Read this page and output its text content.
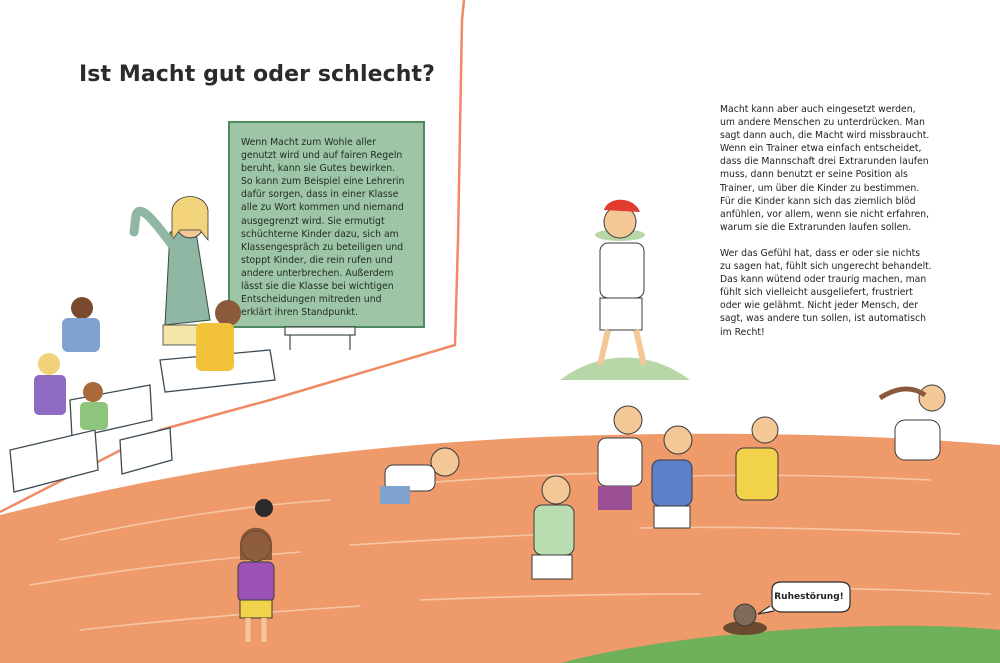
Ist Macht gut oder schlecht?

Wenn Macht zum Wohle aller genutzt wird und auf fairen Regeln beruht, kann sie Gutes bewirken. So kann zum Beispiel eine Lehrerin dafür sorgen, dass in einer Klasse alle zu Wort kommen und niemand ausgegrenzt wird. Sie ermutigt schüchterne Kinder dazu, sich am Klassengespräch zu beteiligen und stoppt Kinder, die rein rufen und andere unterbrechen. Außerdem lässt sie die Klasse bei wichtigen Entscheidungen mitreden und erklärt ihren Standpunkt.

Macht kann aber auch eingesetzt werden, um andere Menschen zu unterdrücken. Man sagt dann auch, die Macht wird missbraucht. Wenn ein Trainer etwa einfach entscheidet, dass die Mannschaft drei Extrarunden laufen muss, dann benutzt er seine Position als Trainer, um über die Kinder zu bestimmen. Für die Kinder kann sich das ziemlich blöd anfühlen, vor allem, wenn sie nicht erfahren, warum sie die Extrarunden laufen sollen.

Wer das Gefühl hat, dass er oder sie nichts zu sagen hat, fühlt sich ungerecht behandelt. Das kann wütend oder traurig machen, man fühlt sich vielleicht ausgeliefert, frustriert oder wie gelähmt. Nicht jeder Mensch, der sagt, was andere tun sollen, ist automatisch im Recht!

Ruhestörung!
